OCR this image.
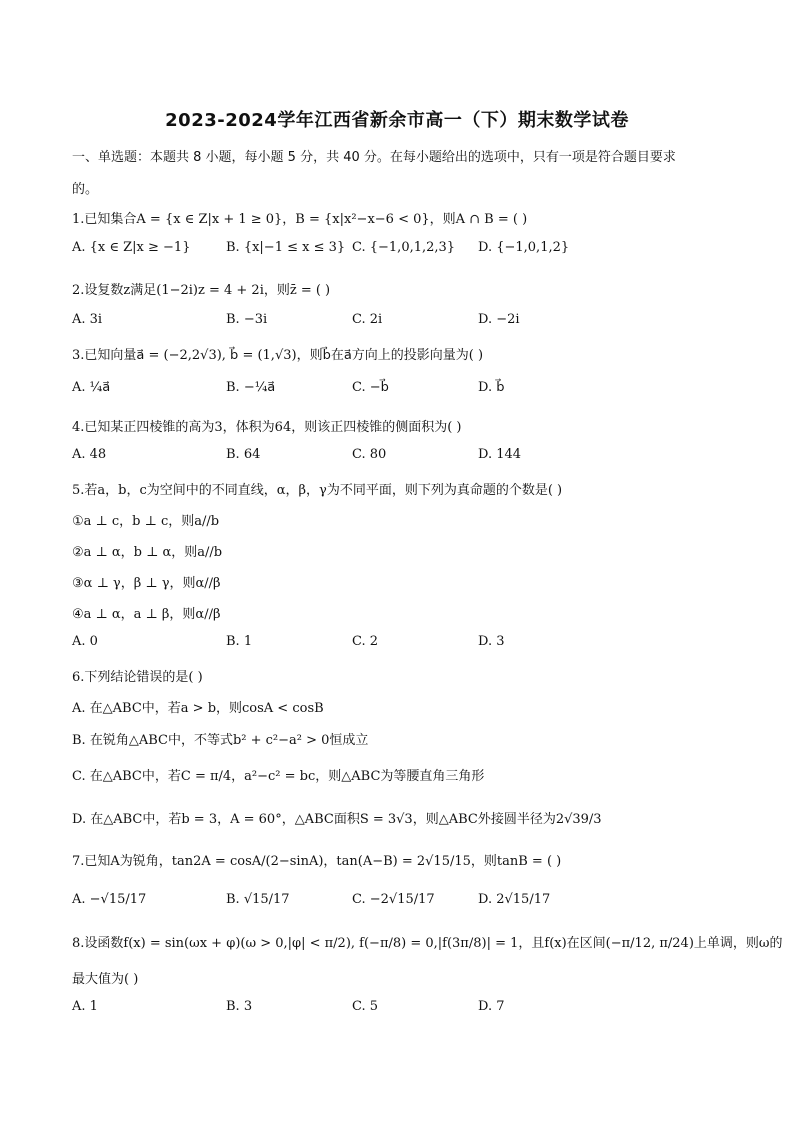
2023-2024学年江西省新余市高一（下）期末数学试卷
一、单选题：本题共 8 小题，每小题 5 分，共 40 分。在每小题给出的选项中，只有一项是符合题目要求
的。
1.已知集合A = {x ∈ Z|x + 1 ≥ 0}，B = {x|x²−x−6 < 0}，则A ∩ B = ( )
A. {x ∈ Z|x ≥ −1}	B. {x|−1 ≤ x ≤ 3} C. {−1,0,1,2,3} D. {−1,0,1,2}
2.设复数z满足(1−2i)z = 4 + 2i，则z̄ = ( )
A. 3i	B. −3i	C. 2i	D. −2i
3.已知向量a⃗ = (−2,2√3), b⃗ = (1,√3)，则b⃗在a⃗方向上的投影向量为( )
A. ¼a⃗	B. −¼a⃗	C. −b⃗	D. b⃗
4.已知某正四棱锥的高为3，体积为64，则该正四棱锥的侧面积为( )
A. 48	B. 64	C. 80	D. 144
5.若a，b，c为空间中的不同直线，α，β，γ为不同平面，则下列为真命题的个数是( )
①a ⊥ c，b ⊥ c，则a//b
②a ⊥ α，b ⊥ α，则a//b
③α ⊥ γ，β ⊥ γ，则α//β
④a ⊥ α，a ⊥ β，则α//β
A. 0	B. 1	C. 2	D. 3
6.下列结论错误的是( )
A. 在△ABC中，若a > b，则cosA < cosB
B. 在锐角△ABC中，不等式b² + c²−a² > 0恒成立
C. 在△ABC中，若C = π/4，a²−c² = bc，则△ABC为等腰直角三角形
D. 在△ABC中，若b = 3，A = 60°，△ABC面积S = 3√3，则△ABC外接圆半径为2√39/3
7.已知A为锐角，tan2A = cosA/(2−sinA)，tan(A−B) = 2√15/15，则tanB = ( )
A. −√15/17	B. √15/17	C. −2√15/17	D. 2√15/17
8.设函数f(x) = sin(ωx + φ)(ω > 0,|φ| < π/2), f(−π/8) = 0,|f(3π/8)| = 1，且f(x)在区间(−π/12, π/24)上单调，则ω的
最大值为( )
A. 1	B. 3	C. 5	D. 7
